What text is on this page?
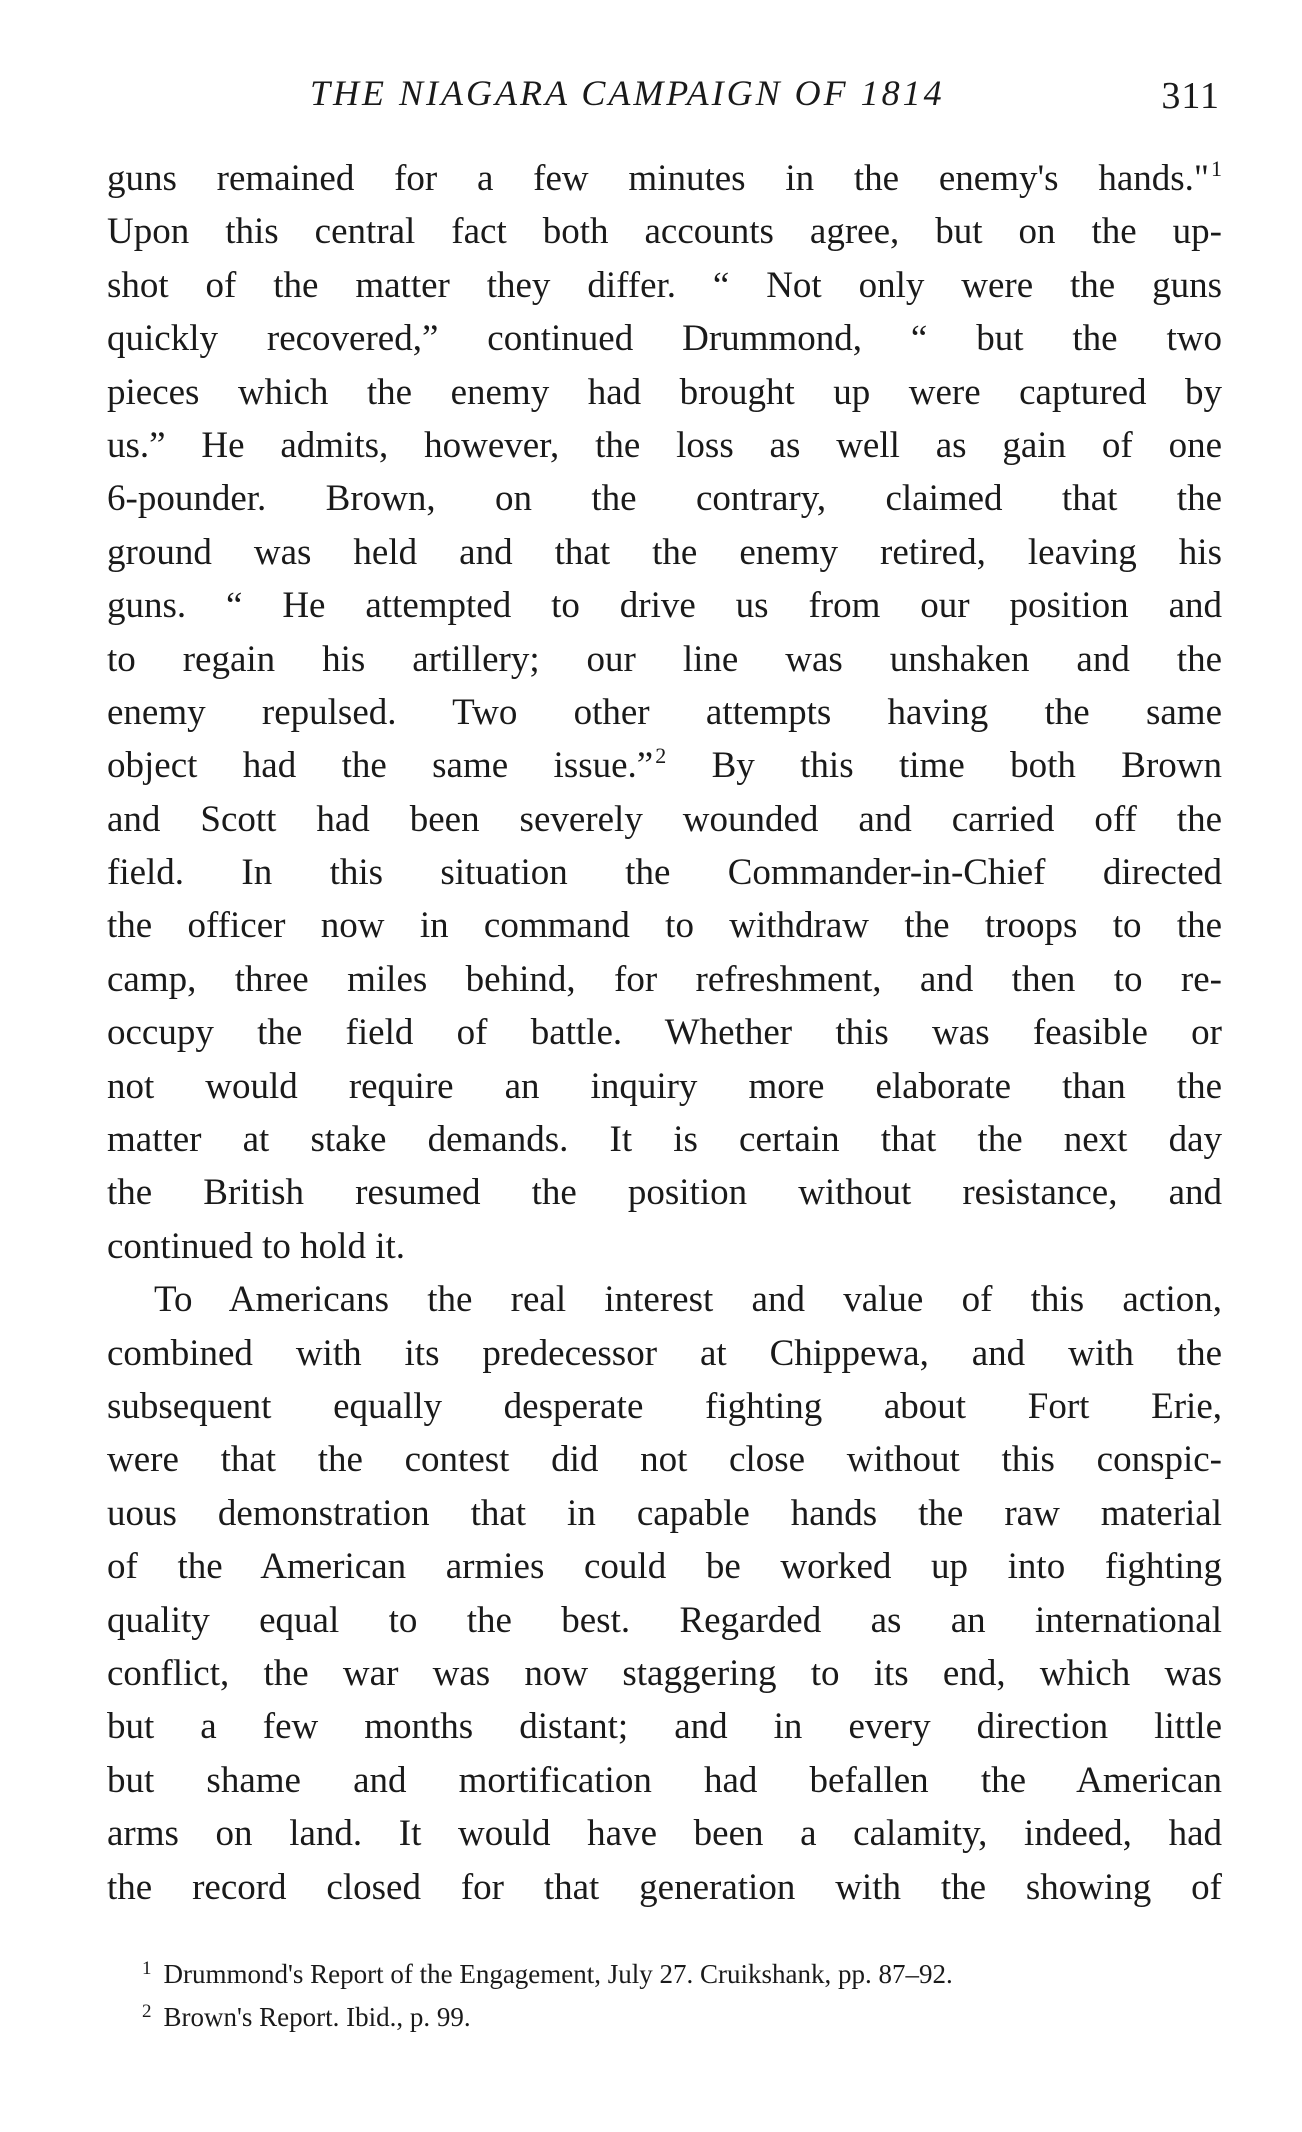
THE NIAGARA CAMPAIGN OF 1814	311
guns remained for a few minutes in the enemy's hands."$^1$
Upon this central fact both accounts agree, but on the up-
shot of the matter they differ. “ Not only were the guns
quickly recovered,” continued Drummond, “ but the two
pieces which the enemy had brought up were captured by
us.” He admits, however, the loss as well as gain of one
6-pounder. Brown, on the contrary, claimed that the
ground was held and that the enemy retired, leaving his
guns. “ He attempted to drive us from our position and
to regain his artillery; our line was unshaken and the
enemy repulsed. Two other attempts having the same
object had the same issue.”$^2$ By this time both Brown
and Scott had been severely wounded and carried off the
field. In this situation the Commander-in-Chief directed
the officer now in command to withdraw the troops to the
camp, three miles behind, for refreshment, and then to re-
occupy the field of battle. Whether this was feasible or
not would require an inquiry more elaborate than the
matter at stake demands. It is certain that the next day
the British resumed the position without resistance, and
continued to hold it.
To Americans the real interest and value of this action,
combined with its predecessor at Chippewa, and with the
subsequent equally desperate fighting about Fort Erie,
were that the contest did not close without this conspic-
uous demonstration that in capable hands the raw material
of the American armies could be worked up into fighting
quality equal to the best. Regarded as an international
conflict, the war was now staggering to its end, which was
but a few months distant; and in every direction little
but shame and mortification had befallen the American
arms on land. It would have been a calamity, indeed, had
the record closed for that generation with the showing of
$^1$ Drummond's Report of the Engagement, July 27. Cruikshank, pp. 87–92.
$^2$ Brown's Report. Ibid., p. 99.
